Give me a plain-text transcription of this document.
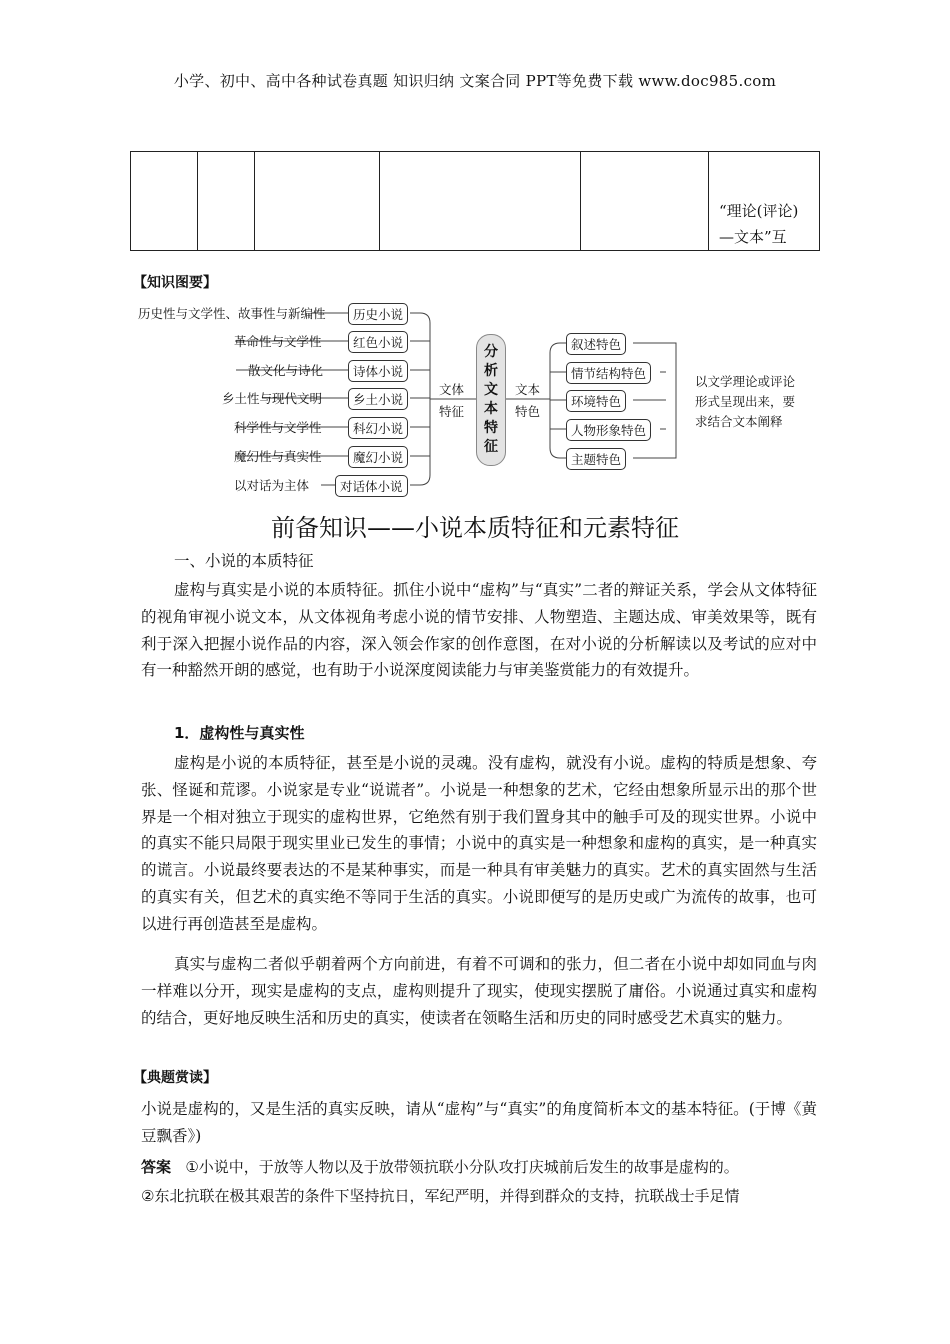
小学、初中、高中各种试卷真题 知识归纳 文案合同 PPT等免费下载 www.doc985.com

“理论(评论)
—文本”互
【知识图要】
历史性与文学性、故事性与新编性
革命性与文学性
散文化与诗化
乡土性与现代文明
科学性与文学性
魔幻性与真实性
以对话为主体
历史小说
红色小说
诗体小说
乡土小说
科幻小说
魔幻小说
对话体小说
文体
特征
分
析
文
本
特
征
文本
特色
叙述特色
情节结构特色
环境特色
人物形象特色
主题特色
以文学理论或评论
形式呈现出来，要
求结合文本阐释
前备知识——小说本质特征和元素特征
一、小说的本质特征
虚构与真实是小说的本质特征。抓住小说中“虚构”与“真实”二者的辩证关系，学会从文体特征的视角审视小说文本，从文体视角考虑小说的情节安排、人物塑造、主题达成、审美效果等，既有利于深入把握小说作品的内容，深入领会作家的创作意图，在对小说的分析解读以及考试的应对中有一种豁然开朗的感觉，也有助于小说深度阅读能力与审美鉴赏能力的有效提升。
1．虚构性与真实性
虚构是小说的本质特征，甚至是小说的灵魂。没有虚构，就没有小说。虚构的特质是想象、夸张、怪诞和荒谬。小说家是专业“说谎者”。小说是一种想象的艺术，它经由想象所显示出的那个世界是一个相对独立于现实的虚构世界，它绝然有别于我们置身其中的触手可及的现实世界。小说中的真实不能只局限于现实里业已发生的事情；小说中的真实是一种想象和虚构的真实，是一种真实的谎言。小说最终要表达的不是某种事实，而是一种具有审美魅力的真实。艺术的真实固然与生活的真实有关，但艺术的真实绝不等同于生活的真实。小说即便写的是历史或广为流传的故事，也可以进行再创造甚至是虚构。
真实与虚构二者似乎朝着两个方向前进，有着不可调和的张力，但二者在小说中却如同血与肉一样难以分开，现实是虚构的支点，虚构则提升了现实，使现实摆脱了庸俗。小说通过真实和虚构的结合，更好地反映生活和历史的真实，使读者在领略生活和历史的同时感受艺术真实的魅力。
【典题赏读】
小说是虚构的，又是生活的真实反映，请从“虚构”与“真实”的角度简析本文的基本特征。(于博《黄豆飘香》)
答案 ①小说中，于放等人物以及于放带领抗联小分队攻打庆城前后发生的故事是虚构的。
②东北抗联在极其艰苦的条件下坚持抗日，军纪严明，并得到群众的支持，抗联战士手足情
